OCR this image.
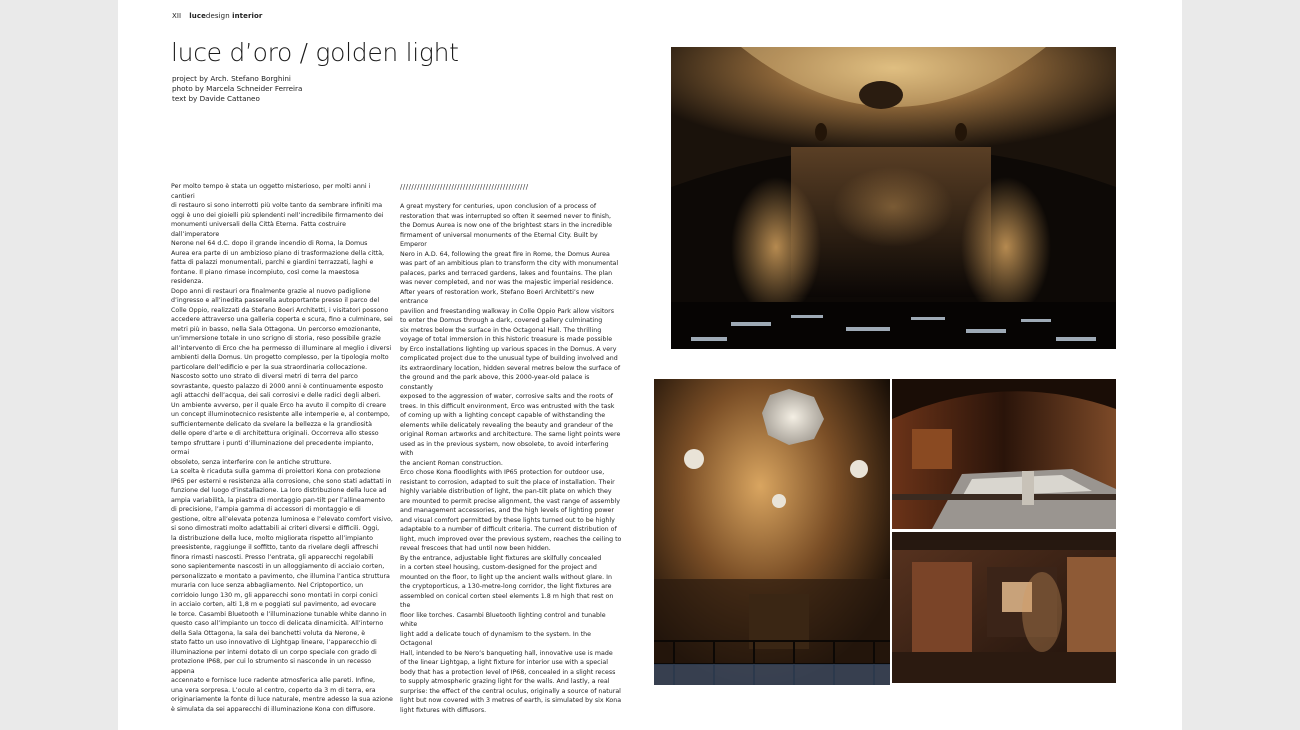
XII lucedesign interior
luce d’oro / golden light
project by Arch. Stefano Borghini
photo by Marcela Schneider Ferreira
text by Davide Cattaneo
Per molto tempo è stata un oggetto misterioso, per molti anni i cantieri
di restauro si sono interrotti più volte tanto da sembrare infiniti ma
oggi è uno dei gioielli più splendenti nell’incredibile firmamento dei
monumenti universali della Città Eterna. Fatta costruire dall’imperatore
Nerone nel 64 d.C. dopo il grande incendio di Roma, la Domus
Aurea era parte di un ambizioso piano di trasformazione della città,
fatta di palazzi monumentali, parchi e giardini terrazzati, laghi e
fontane. Il piano rimase incompiuto, così come la maestosa residenza.
Dopo anni di restauri ora finalmente grazie al nuovo padiglione
d’ingresso e all’inedita passerella autoportante presso il parco del
Colle Oppio, realizzati da Stefano Boeri Architetti, i visitatori possono
accedere attraverso una galleria coperta e scura, fino a culminare, sei
metri più in basso, nella Sala Ottagona. Un percorso emozionante,
un’immersione totale in uno scrigno di storia, reso possibile grazie
all’intervento di Erco che ha permesso di illuminare al meglio i diversi
ambienti della Domus. Un progetto complesso, per la tipologia molto
particolare dell’edificio e per la sua straordinaria collocazione.
Nascosto sotto uno strato di diversi metri di terra del parco
sovrastante, questo palazzo di 2000 anni è continuamente esposto
agli attacchi dell’acqua, dei sali corrosivi e delle radici degli alberi.
Un ambiente avverso, per il quale Erco ha avuto il compito di creare
un concept illuminotecnico resistente alle intemperie e, al contempo,
sufficientemente delicato da svelare la bellezza e la grandiosità
delle opere d’arte e di architettura originali. Occorreva allo stesso
tempo sfruttare i punti d’illuminazione del precedente impianto, ormai
obsoleto, senza interferire con le antiche strutture.
La scelta è ricaduta sulla gamma di proiettori Kona con protezione
IP65 per esterni e resistenza alla corrosione, che sono stati adattati in
funzione del luogo d’installazione. La loro distribuzione della luce ad
ampia variabilità, la piastra di montaggio pan-tilt per l’allineamento
di precisione, l’ampia gamma di accessori di montaggio e di
gestione, oltre all’elevata potenza luminosa e l’elevato comfort visivo,
si sono dimostrati molto adattabili ai criteri diversi e difficili. Oggi,
la distribuzione della luce, molto migliorata rispetto all’impianto
preesistente, raggiunge il soffitto, tanto da rivelare degli affreschi
finora rimasti nascosti. Presso l’entrata, gli apparecchi regolabili
sono sapientemente nascosti in un alloggiamento di acciaio corten,
personalizzato e montato a pavimento, che illumina l’antica struttura
muraria con luce senza abbagliamento. Nel Criptoportico, un
corridoio lungo 130 m, gli apparecchi sono montati in corpi conici
in acciaio corten, alti 1,8 m e poggiati sul pavimento, ad evocare
le torce. Casambi Bluetooth e l’illuminazione tunable white danno in
questo caso all’impianto un tocco di delicata dinamicità. All’interno
della Sala Ottagona, la sala dei banchetti voluta da Nerone, è
stato fatto un uso innovativo di Lightgap lineare, l’apparecchio di
illuminazione per interni dotato di un corpo speciale con grado di
protezione IP68, per cui lo strumento si nasconde in un recesso appena
accennato e fornisce luce radente atmosferica alle pareti. Infine,
una vera sorpresa. L’oculo al centro, coperto da 3 m di terra, era
originariamente la fonte di luce naturale, mentre adesso la sua azione
è simulata da sei apparecchi di illuminazione Kona con diffusore.
/////////////////////////////////////////////
A great mystery for centuries, upon conclusion of a process of
restoration that was interrupted so often it seemed never to finish,
the Domus Aurea is now one of the brightest stars in the incredible
firmament of universal monuments of the Eternal City. Built by Emperor
Nero in A.D. 64, following the great fire in Rome, the Domus Aurea
was part of an ambitious plan to transform the city with monumental
palaces, parks and terraced gardens, lakes and fountains. The plan
was never completed, and nor was the majestic imperial residence.
After years of restoration work, Stefano Boeri Architetti’s new entrance
pavilion and freestanding walkway in Colle Oppio Park allow visitors
to enter the Domus through a dark, covered gallery culminating
six metres below the surface in the Octagonal Hall. The thrilling
voyage of total immersion in this historic treasure is made possible
by Erco installations lighting up various spaces in the Domus. A very
complicated project due to the unusual type of building involved and
its extraordinary location, hidden several metres below the surface of
the ground and the park above, this 2000-year-old palace is constantly
exposed to the aggression of water, corrosive salts and the roots of
trees. In this difficult environment, Erco was entrusted with the task
of coming up with a lighting concept capable of withstanding the
elements while delicately revealing the beauty and grandeur of the
original Roman artworks and architecture. The same light points were
used as in the previous system, now obsolete, to avoid interfering with
the ancient Roman construction.
Erco chose Kona floodlights with IP65 protection for outdoor use,
resistant to corrosion, adapted to suit the place of installation. Their
highly variable distribution of light, the pan-tilt plate on which they
are mounted to permit precise alignment, the vast range of assembly
and management accessories, and the high levels of lighting power
and visual comfort permitted by these lights turned out to be highly
adaptable to a number of difficult criteria. The current distribution of
light, much improved over the previous system, reaches the ceiling to
reveal frescoes that had until now been hidden.
By the entrance, adjustable light fixtures are skilfully concealed
in a corten steel housing, custom-designed for the project and
mounted on the floor, to light up the ancient walls without glare. In
the cryptoporticus, a 130-metre-long corridor, the light fixtures are
assembled on conical corten steel elements 1.8 m high that rest on the
floor like torches. Casambi Bluetooth lighting control and tunable white
light add a delicate touch of dynamism to the system. In the Octagonal
Hall, intended to be Nero’s banqueting hall, innovative use is made
of the linear Lightgap, a light fixture for interior use with a special
body that has a protection level of IP68, concealed in a slight recess
to supply atmospheric grazing light for the walls. And lastly, a real
surprise: the effect of the central oculus, originally a source of natural
light but now covered with 3 metres of earth, is simulated by six Kona
light fixtures with diffusors.
